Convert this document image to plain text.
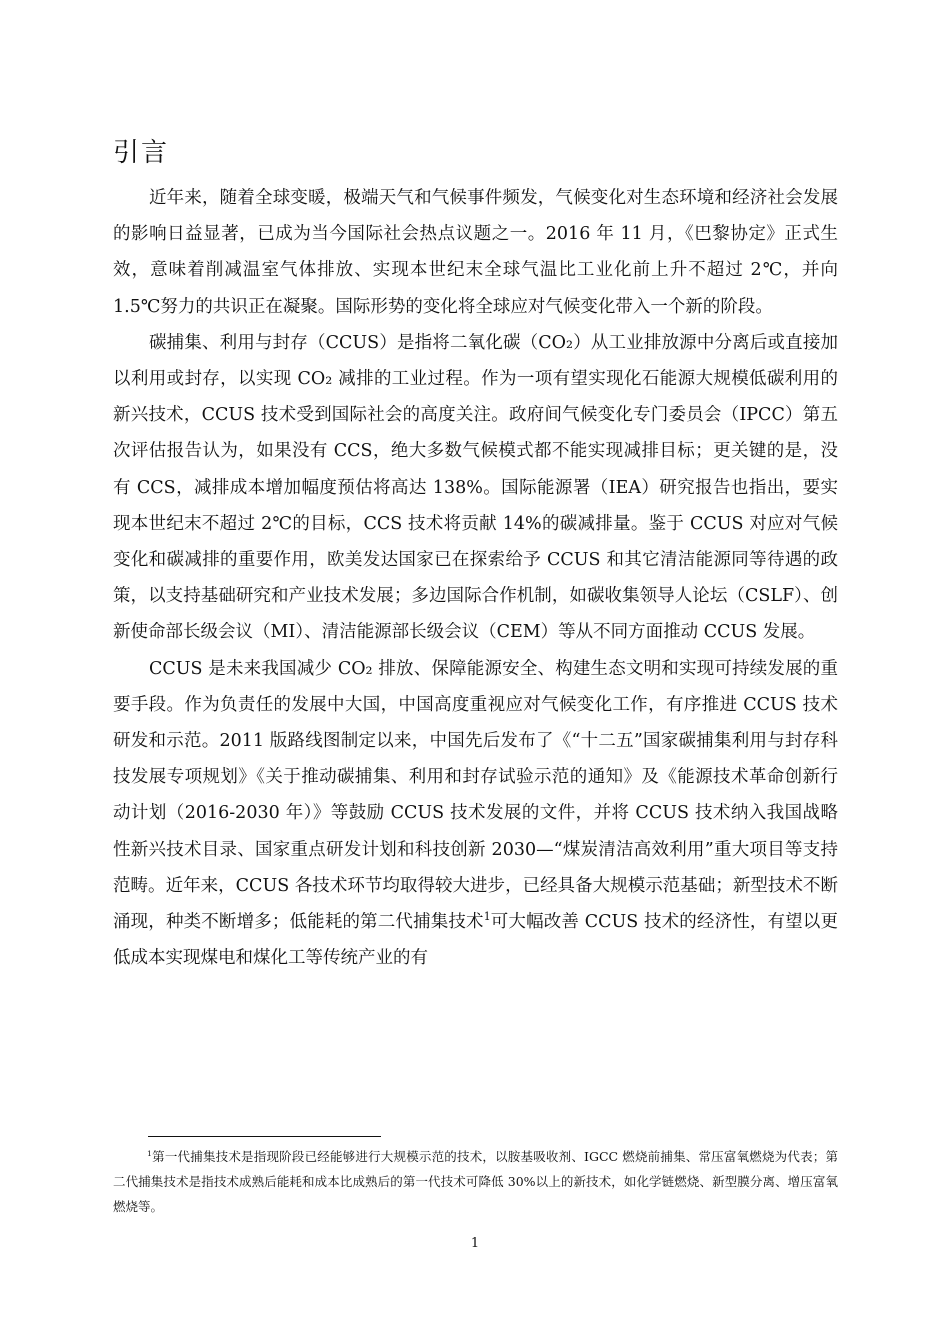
引言

近年来，随着全球变暖，极端天气和气候事件频发，气候变化对生态环境和经济社会发展的影响日益显著，已成为当今国际社会热点议题之一。2016 年 11 月，《巴黎协定》正式生效，意味着削减温室气体排放、实现本世纪末全球气温比工业化前上升不超过 2℃，并向 1.5℃努力的共识正在凝聚。国际形势的变化将全球应对气候变化带入一个新的阶段。

碳捕集、利用与封存（CCUS）是指将二氧化碳（CO₂）从工业排放源中分离后或直接加以利用或封存，以实现 CO₂ 减排的工业过程。作为一项有望实现化石能源大规模低碳利用的新兴技术，CCUS 技术受到国际社会的高度关注。政府间气候变化专门委员会（IPCC）第五次评估报告认为，如果没有 CCS，绝大多数气候模式都不能实现减排目标；更关键的是，没有 CCS，减排成本增加幅度预估将高达 138%。国际能源署（IEA）研究报告也指出，要实现本世纪末不超过 2℃的目标，CCS 技术将贡献 14%的碳减排量。鉴于 CCUS 对应对气候变化和碳减排的重要作用，欧美发达国家已在探索给予 CCUS 和其它清洁能源同等待遇的政策，以支持基础研究和产业技术发展；多边国际合作机制，如碳收集领导人论坛（CSLF）、创新使命部长级会议（MI）、清洁能源部长级会议（CEM）等从不同方面推动 CCUS 发展。

CCUS 是未来我国减少 CO₂ 排放、保障能源安全、构建生态文明和实现可持续发展的重要手段。作为负责任的发展中大国，中国高度重视应对气候变化工作，有序推进 CCUS 技术研发和示范。2011 版路线图制定以来，中国先后发布了《“十二五”国家碳捕集利用与封存科技发展专项规划》《关于推动碳捕集、利用和封存试验示范的通知》及《能源技术革命创新行动计划（2016-2030 年）》等鼓励 CCUS 技术发展的文件，并将 CCUS 技术纳入我国战略性新兴技术目录、国家重点研发计划和科技创新 2030—“煤炭清洁高效利用”重大项目等支持范畴。近年来，CCUS 各技术环节均取得较大进步，已经具备大规模示范基础；新型技术不断涌现，种类不断增多；低能耗的第二代捕集技术$^1$可大幅改善 CCUS 技术的经济性，有望以更低成本实现煤电和煤化工等传统产业的有

$^1$第一代捕集技术是指现阶段已经能够进行大规模示范的技术，以胺基吸收剂、IGCC 燃烧前捕集、常压富氧燃烧为代表；第二代捕集技术是指技术成熟后能耗和成本比成熟后的第一代技术可降低 30%以上的新技术，如化学链燃烧、新型膜分离、增压富氧燃烧等。

1
